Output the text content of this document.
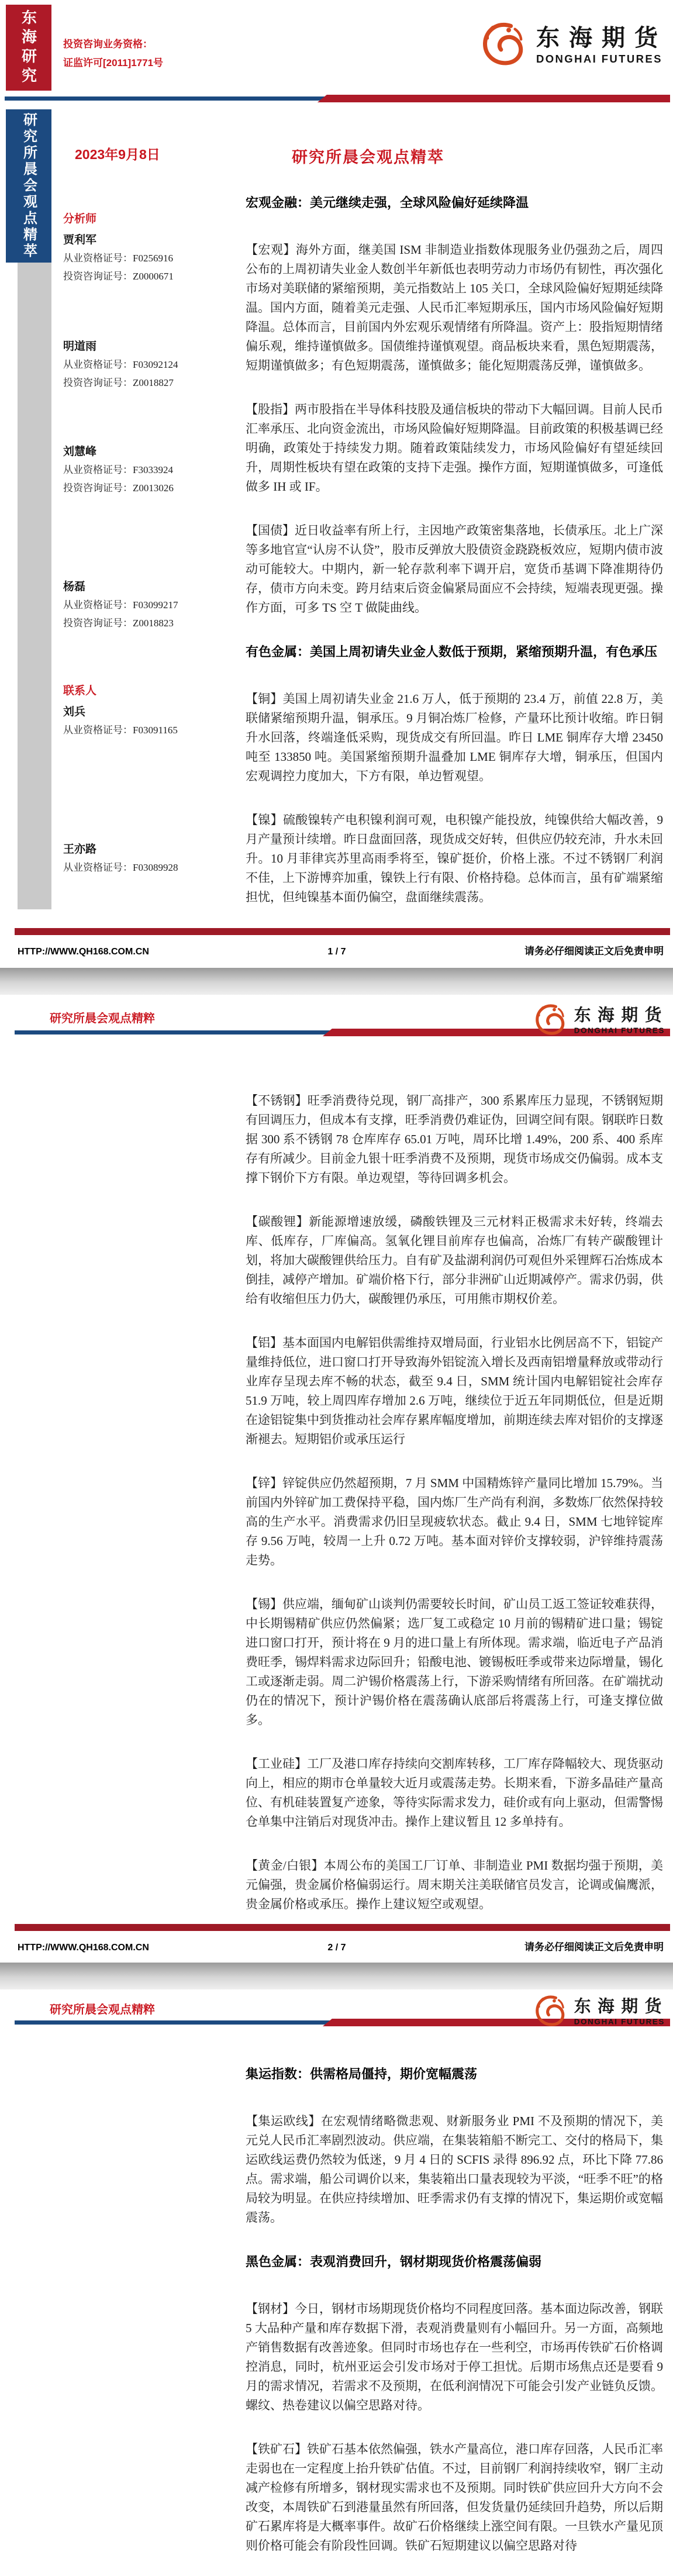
东海研究	投资咨询业务资格：
证监许可[2011]1771号
东海期货
DONGHAI FUTURES
研究所晨会观点精萃	2023年9月8日	研究所晨会观点精萃
分析师
贾利军
从业资格证号：F0256916
投资咨询证号：Z0000671
明道雨
从业资格证号：F03092124
投资咨询证号：Z0018827
刘慧峰
从业资格证号：F3033924
投资咨询证号：Z0013026
杨磊
从业资格证号：F03099217
投资咨询证号：Z0018823
联系人
刘兵
从业资格证号：F03091165
王亦路
从业资格证号：F03089928
宏观金融：美元继续走强，全球风险偏好延续降温

【宏观】海外方面，继美国 ISM 非制造业指数体现服务业仍强劲之后，周四公布的上周初请失业金人数创半年新低也表明劳动力市场仍有韧性，再次强化市场对美联储的紧缩预期，美元指数站上 105 关口，全球风险偏好短期延续降温。国内方面，随着美元走强、人民币汇率短期承压，国内市场风险偏好短期降温。总体而言，目前国内外宏观乐观情绪有所降温。资产上：股指短期情绪偏乐观，维持谨慎做多。国债维持谨慎观望。商品板块来看，黑色短期震荡，短期谨慎做多；有色短期震荡，谨慎做多；能化短期震荡反弹，谨慎做多。

【股指】两市股指在半导体科技股及通信板块的带动下大幅回调。目前人民币汇率承压、北向资金流出，市场风险偏好短期降温。目前政策的积极基调已经明确，政策处于持续发力期。随着政策陆续发力，市场风险偏好有望延续回升，周期性板块有望在政策的支持下走强。操作方面，短期谨慎做多，可逢低做多 IH 或 IF。

【国债】近日收益率有所上行，主因地产政策密集落地，长债承压。北上广深等多地官宣“认房不认贷”，股市反弹放大股债资金跷跷板效应，短期内债市波动可能较大。中期内，新一轮存款利率下调开启，宽货币基调下降准期待仍存，债市方向未变。跨月结束后资金偏紧局面应不会持续，短端表现更强。操作方面，可多 TS 空 T 做陡曲线。

有色金属：美国上周初请失业金人数低于预期，紧缩预期升温，有色承压

【铜】美国上周初请失业金 21.6 万人，低于预期的 23.4 万，前值 22.8 万，美联储紧缩预期升温，铜承压。9 月铜冶炼厂检修，产量环比预计收缩。昨日铜升水回落，终端逢低采购，现货成交有所回温。昨日 LME 铜库存大增 23450 吨至 133850 吨。美国紧缩预期升温叠加 LME 铜库存大增，铜承压，但国内宏观调控力度加大，下方有限，单边暂观望。

【镍】硫酸镍转产电积镍利润可观，电积镍产能投放，纯镍供给大幅改善，9 月产量预计续增。昨日盘面回落，现货成交好转，但供应仍较充沛，升水未回升。10 月菲律宾苏里高雨季将至，镍矿挺价，价格上涨。不过不锈钢厂利润不佳，上下游博弈加重，镍铁上行有限、价格持稳。总体而言，虽有矿端紧缩担忧，但纯镍基本面仍偏空，盘面继续震荡。

HTTP://WWW.QH168.COM.CN	1 / 7	请务必仔细阅读正文后免责申明
研究所晨会观点精粹	东海期货
DONGHAI FUTURES

【不锈钢】旺季消费待兑现，钢厂高排产，300 系累库压力显现，不锈钢短期有回调压力，但成本有支撑，旺季消费仍难证伪，回调空间有限。钢联昨日数据 300 系不锈钢 78 仓库库存 65.01 万吨，周环比增 1.49%，200 系、400 系库存有所减少。目前金九银十旺季消费不及预期，现货市场成交仍偏弱。成本支撑下钢价下方有限。单边观望，等待回调多机会。

【碳酸锂】新能源增速放缓，磷酸铁锂及三元材料正极需求未好转，终端去库、低库存，厂库偏高。氢氧化锂目前库存也偏高，冶炼厂有转产碳酸锂计划，将加大碳酸锂供给压力。自有矿及盐湖利润仍可观但外采锂辉石冶炼成本倒挂，减停产增加。矿端价格下行，部分非洲矿山近期减停产。需求仍弱，供给有收缩但压力仍大，碳酸锂仍承压，可用熊市期权价差。

【铝】基本面国内电解铝供需维持双增局面，行业铝水比例居高不下，铝锭产量维持低位，进口窗口打开导致海外铝锭流入增长及西南铝增量释放或带动行业库存呈现去库不畅的状态，截至 9.4 日，SMM 统计国内电解铝锭社会库存 51.9 万吨，较上周四库存增加 2.6 万吨，继续位于近五年同期低位，但是近期在途铝锭集中到货推动社会库存累库幅度增加，前期连续去库对铝价的支撑逐渐褪去。短期铝价或承压运行

【锌】锌锭供应仍然超预期，7 月 SMM 中国精炼锌产量同比增加 15.79%。当前国内外锌矿加工费保持平稳，国内炼厂生产尚有利润，多数炼厂依然保持较高的生产水平。消费需求仍旧呈现疲软状态。截止 9.4 日，SMM 七地锌锭库存 9.56 万吨，较周一上升 0.72 万吨。基本面对锌价支撑较弱，沪锌维持震荡走势。

【锡】供应端，缅甸矿山谈判仍需要较长时间，矿山员工返工签证较难获得，中长期锡精矿供应仍然偏紧；选厂复工或稳定 10 月前的锡精矿进口量；锡锭进口窗口打开，预计将在 9 月的进口量上有所体现。需求端，临近电子产品消费旺季，锡焊料需求边际回升；铅酸电池、镀锡板旺季或带来边际增量，锡化工或逐渐走弱。周二沪锡价格震荡上行，下游采购情绪有所回落。在矿端扰动仍在的情况下，预计沪锡价格在震荡确认底部后将震荡上行，可逢支撑位做多。

【工业硅】工厂及港口库存持续向交割库转移，工厂库存降幅较大、现货驱动向上，相应的期市仓单量较大近月或震荡走势。长期来看，下游多晶硅产量高位、有机硅装置复产迹象，等待实际需求发力，硅价或有向上驱动，但需警惕仓单集中注销后对现货冲击。操作上建议暂且 12 多单持有。

【黄金/白银】本周公布的美国工厂订单、非制造业 PMI 数据均强于预期，美元偏强，贵金属价格偏弱运行。周末期关注美联储官员发言，论调或偏鹰派，贵金属价格或承压。操作上建议短空或观望。

HTTP://WWW.QH168.COM.CN	2 / 7	请务必仔细阅读正文后免责申明
研究所晨会观点精粹	东海期货
DONGHAI FUTURES
集运指数：供需格局僵持，期价宽幅震荡

【集运欧线】在宏观情绪略微悲观、财新服务业 PMI 不及预期的情况下，美元兑人民币汇率剧烈波动。供应端，在集装箱船不断完工、交付的格局下，集运欧线运费仍然较为低迷，9 月 4 日的 SCFIS 录得 896.92 点，环比下降 77.86 点。需求端，船公司调价以来，集装箱出口量表现较为平淡，“旺季不旺”的格局较为明显。在供应持续增加、旺季需求仍有支撑的情况下，集运期价或宽幅震荡。

黑色金属：表观消费回升，钢材期现货价格震荡偏弱

【钢材】今日，钢材市场期现货价格均不同程度回落。基本面边际改善，钢联 5 大品种产量和库存数据下滑，表观消费量则有小幅回升。另一方面，高频地产销售数据有改善迹象。但同时市场也存在一些利空，市场再传铁矿石价格调控消息，同时，杭州亚运会引发市场对于停工担忧。后期市场焦点还是要看 9 月的需求情况，若需求不及预期，在低利润情况下可能会引发产业链负反馈。螺纹、热卷建议以偏空思路对待。

【铁矿石】铁矿石基本依然偏强，铁水产量高位，港口库存回落，人民币汇率走弱也在一定程度上抬升铁矿估值。不过，目前钢厂利润持续收窄，钢厂主动减产检修有所增多，钢材现实需求也不及预期。同时铁矿供应回升大方向不会改变，本周铁矿石到港量虽然有所回落，但发货量仍延续回升趋势，所以后期矿石累库将是大概率事件。故矿石价格继续上涨空间有限。一旦铁水产量见顶则价格可能会有阶段性回调。铁矿石短期建议以偏空思路对待
